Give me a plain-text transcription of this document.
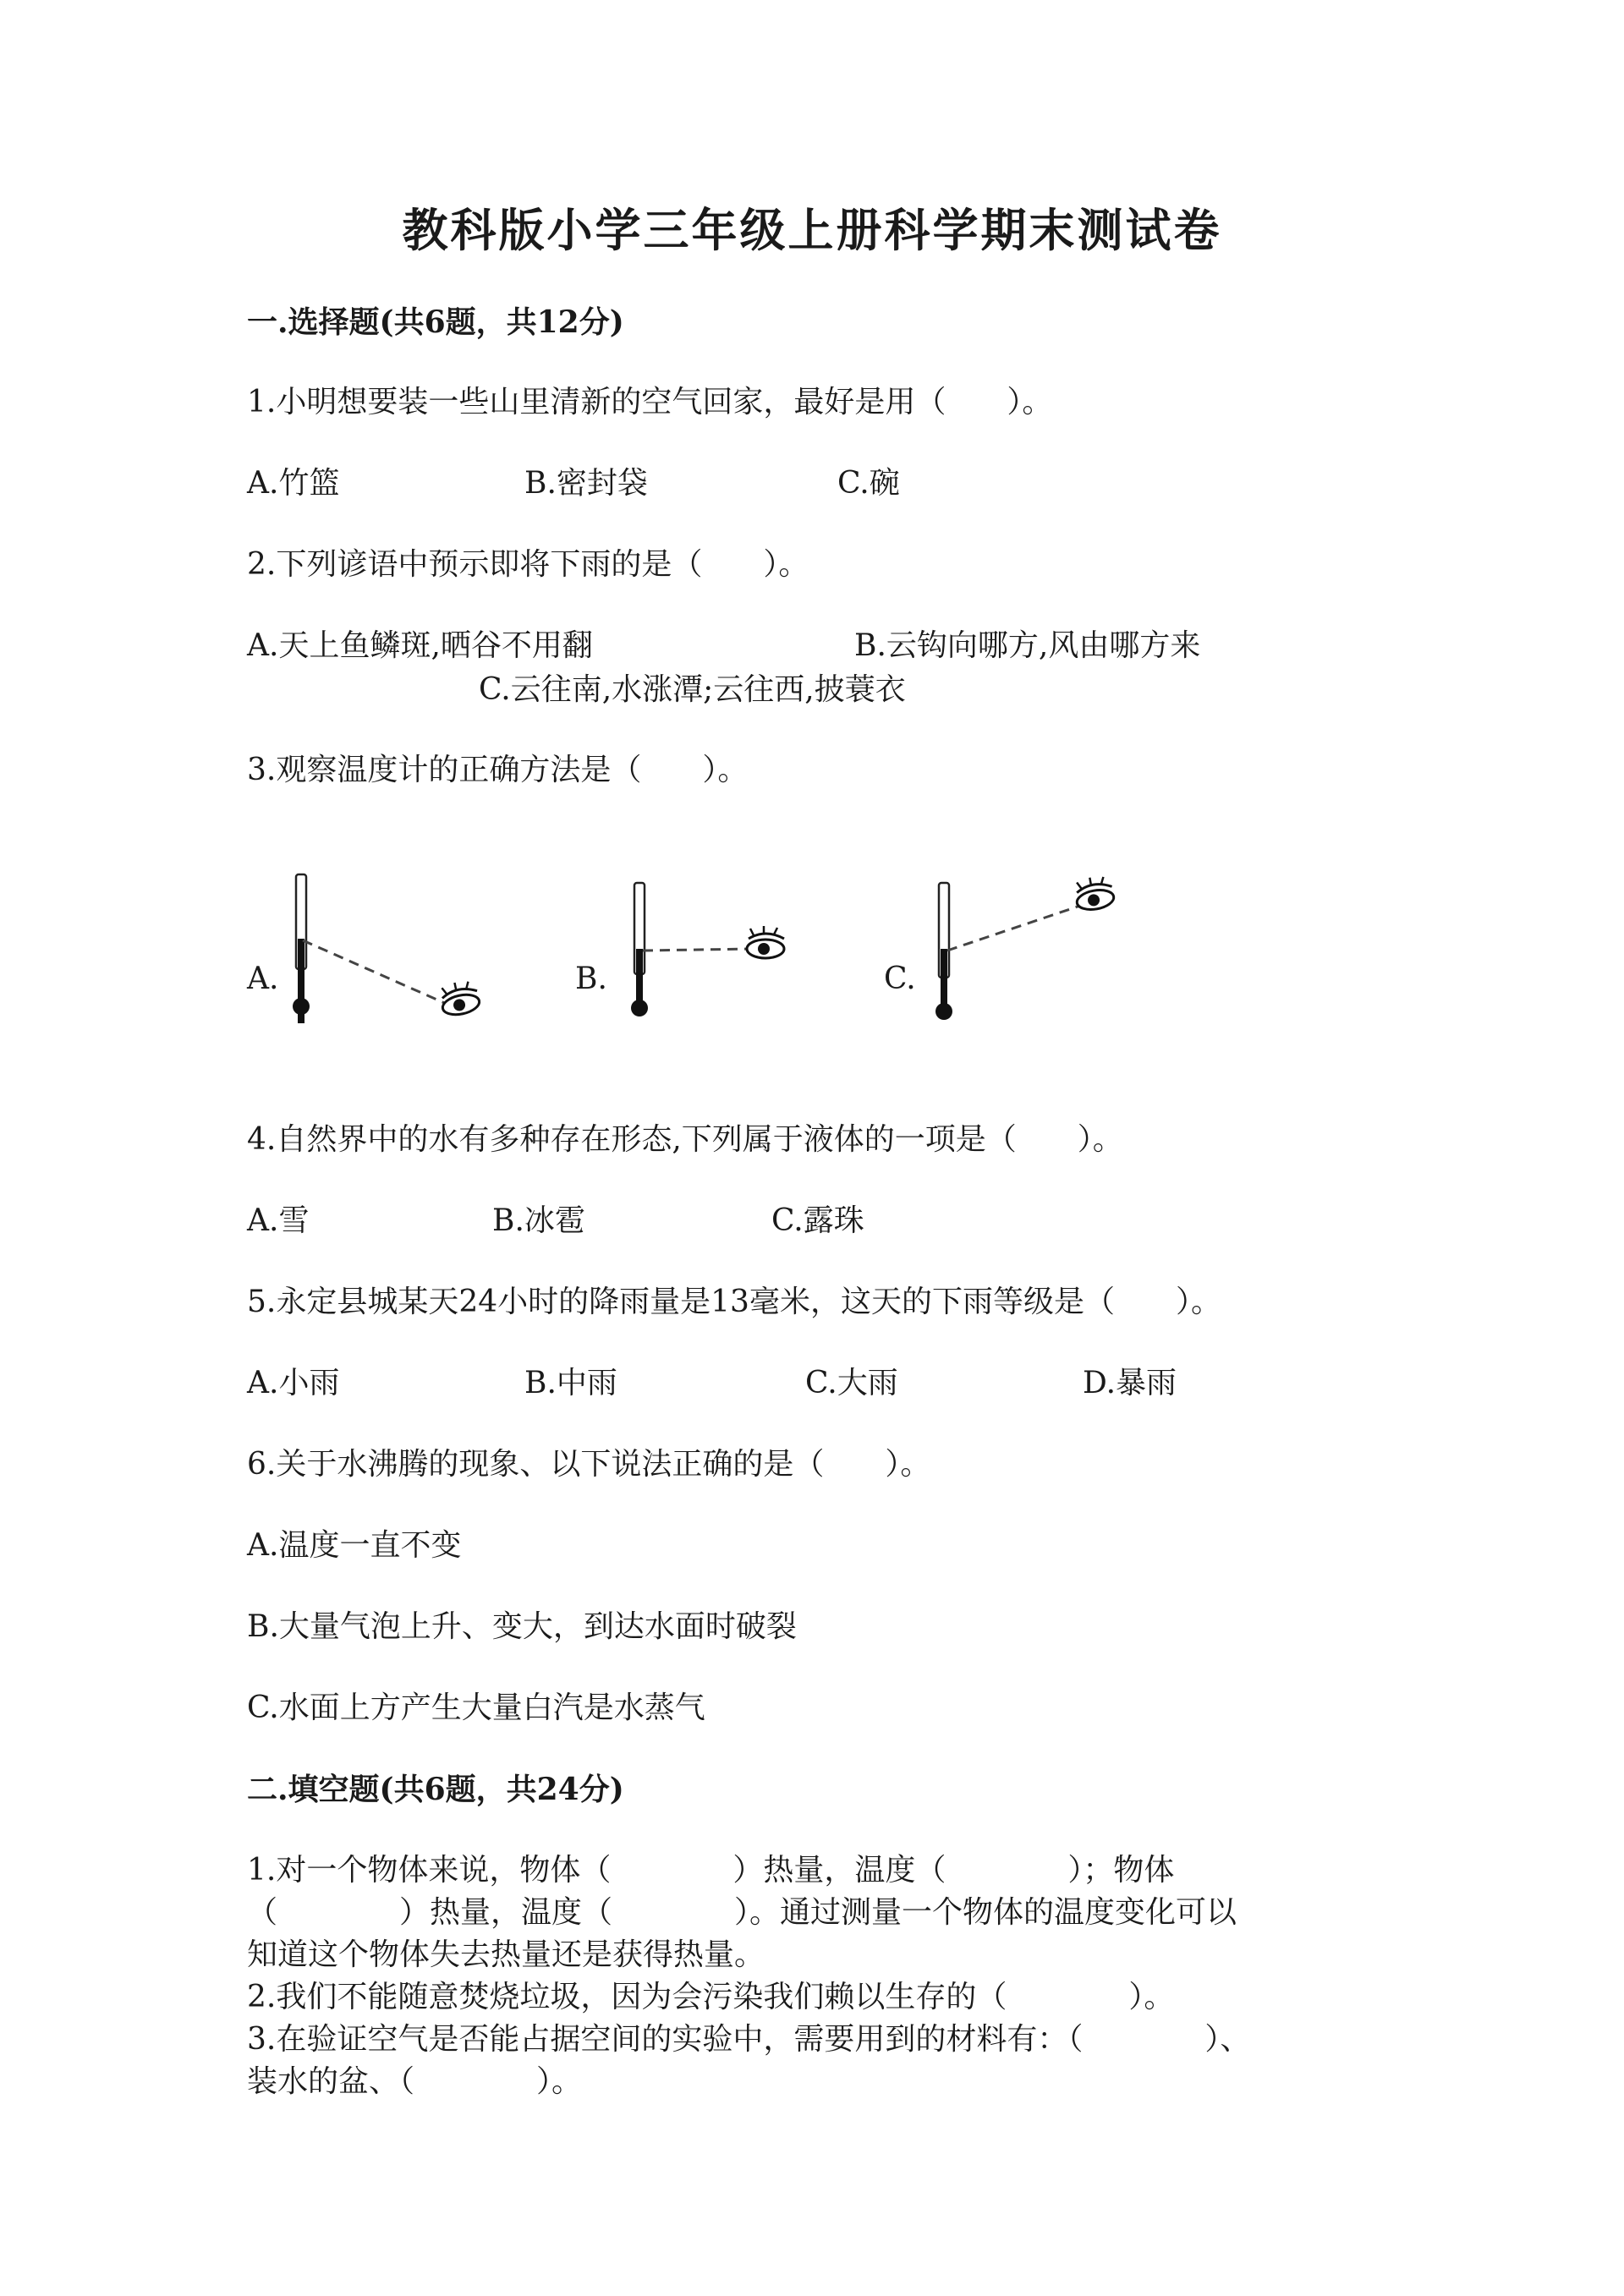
教科版小学三年级上册科学期末测试卷
一.选择题(共6题，共12分)
1.小明想要装一些山里清新的空气回家，最好是用（　　）。
A.竹篮	B.密封袋	C.碗
2.下列谚语中预示即将下雨的是（　　）。
A.天上鱼鳞斑,晒谷不用翻	B.云钩向哪方,风由哪方来
C.云往南,水涨潭;云往西,披蓑衣
3.观察温度计的正确方法是（　　）。
A.	B.	C.
4.自然界中的水有多种存在形态,下列属于液体的一项是（　　）。
A.雪	B.冰雹	C.露珠
5.永定县城某天24小时的降雨量是13毫米，这天的下雨等级是（　　）。
A.小雨	B.中雨	C.大雨	D.暴雨
6.关于水沸腾的现象、以下说法正确的是（　　）。
A.温度一直不变
B.大量气泡上升、变大，到达水面时破裂
C.水面上方产生大量白汽是水蒸气
二.填空题(共6题，共24分)
1.对一个物体来说，物体（　　　　）热量，温度（　　　　）；物体
（　　　　）热量，温度（　　　　）。通过测量一个物体的温度变化可以
知道这个物体失去热量还是获得热量。
2.我们不能随意焚烧垃圾，因为会污染我们赖以生存的（　　　　）。
3.在验证空气是否能占据空间的实验中，需要用到的材料有：（　　　　）、
装水的盆、（　　　　）。
